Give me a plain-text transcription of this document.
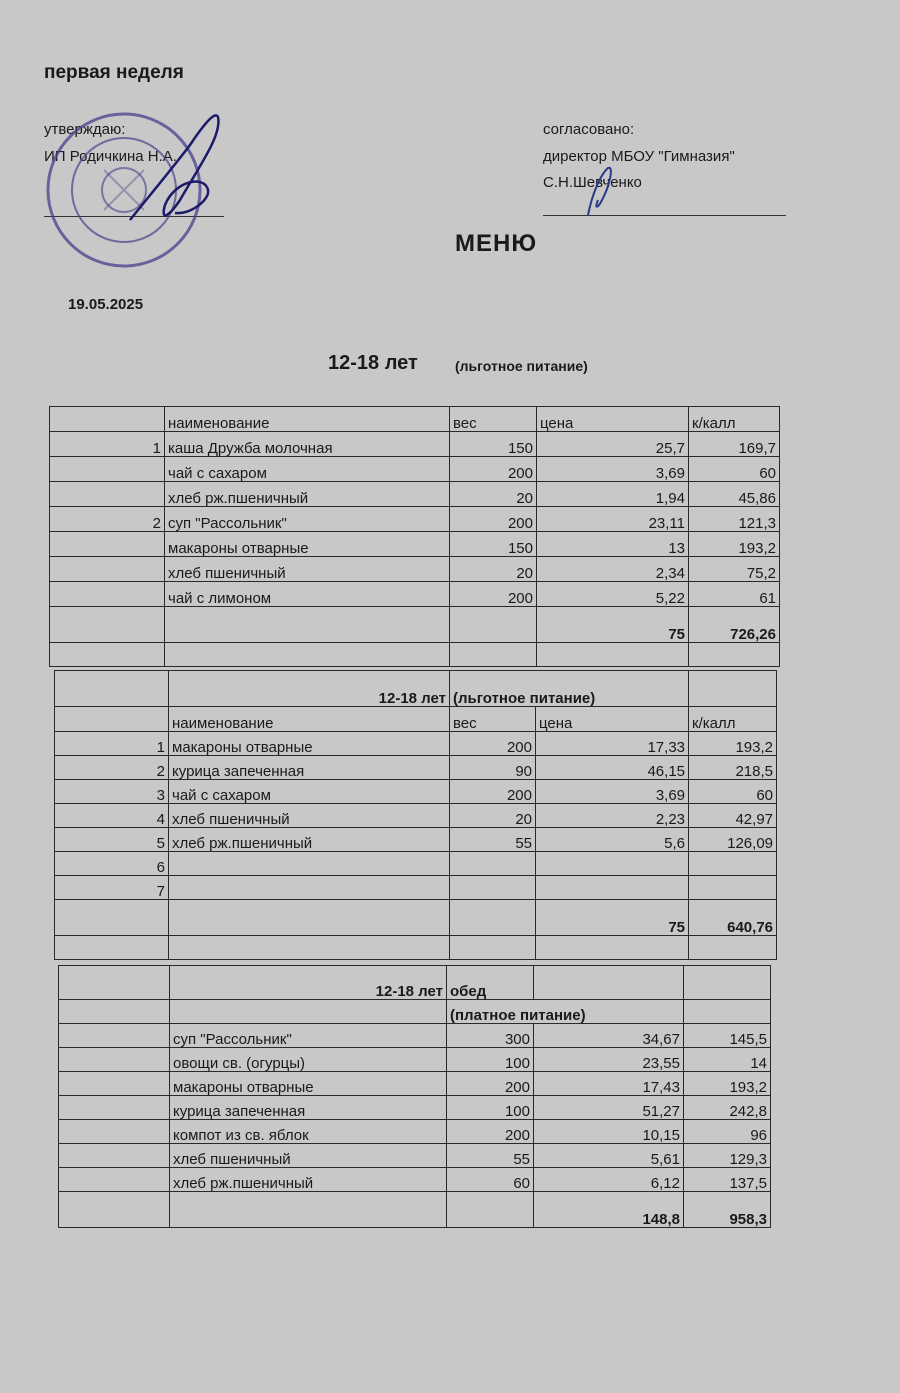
первая неделя
утверждаю:
ИП Родичкина Н.А.
согласовано:
директор МБОУ "Гимназия"
С.Н.Шевченко
19.05.2025
МЕНЮ
12-18 лет	(льготное питание)
	наименование	вес	цена	к/калл
1	каша Дружба молочная	150	25,7	169,7
	чай с сахаром	200	3,69	60
	хлеб рж.пшеничный	20	1,94	45,86
2	суп "Рассольник"	200	23,11	121,3
	макароны отварные	150	13	193,2
	хлеб пшеничный	20	2,34	75,2
	чай с лимоном	200	5,22	61
			75	726,26

	12-18 лет	(льготное питание)		
	наименование	вес	цена	к/калл
1	макароны отварные	200	17,33	193,2
2	курица запеченная	90	46,15	218,5
3	чай с сахаром	200	3,69	60
4	хлеб пшеничный	20	2,23	42,97
5	хлеб рж.пшеничный	55	5,6	126,09
6				
7				
			75	640,76

	12-18 лет	обед		
		(платное питание)		
	суп "Рассольник"	300	34,67	145,5
	овощи св. (огурцы)	100	23,55	14
	макароны отварные	200	17,43	193,2
	курица запеченная	100	51,27	242,8
	компот из св. яблок	200	10,15	96
	хлеб пшеничный	55	5,61	129,3
	хлеб рж.пшеничный	60	6,12	137,5
			148,8	958,3
